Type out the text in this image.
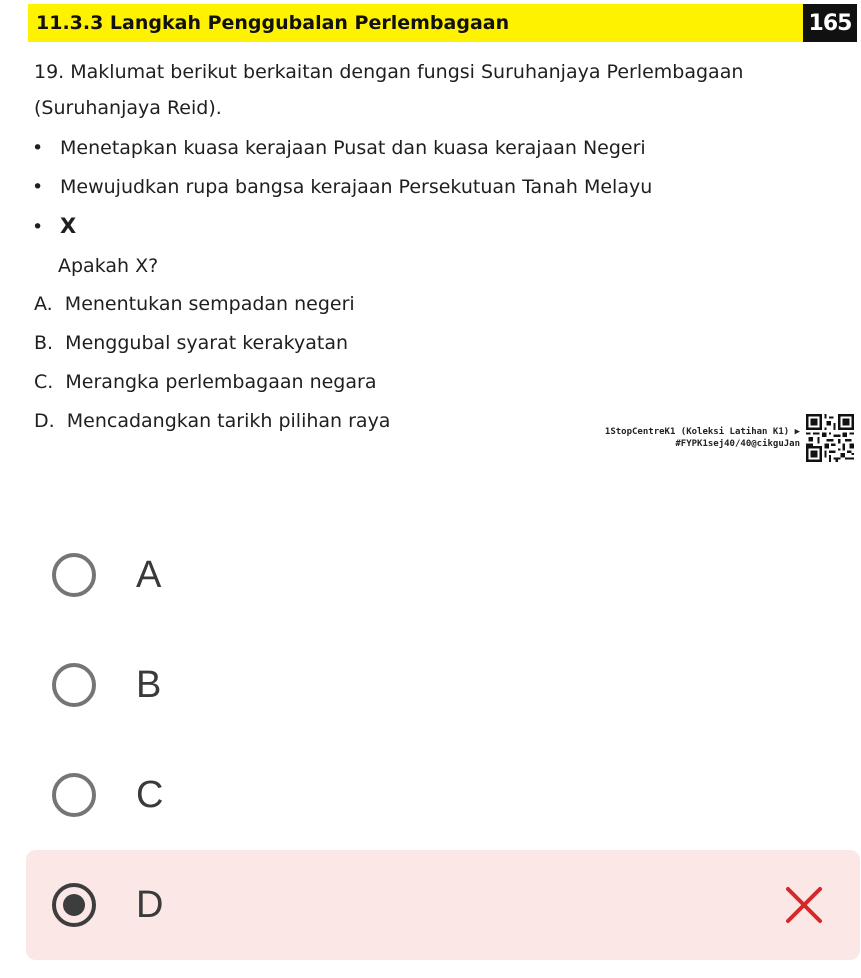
11.3.3 Langkah Penggubalan Perlembagaan	165
19. Maklumat berikut berkaitan dengan fungsi Suruhanjaya Perlembagaan
(Suruhanjaya Reid).
• Menetapkan kuasa kerajaan Pusat dan kuasa kerajaan Negeri
• Mewujudkan rupa bangsa kerajaan Persekutuan Tanah Melayu
• X
Apakah X?
A. Menentukan sempadan negeri
B. Menggubal syarat kerakyatan
C. Merangka perlembagaan negara
D. Mencadangkan tarikh pilihan raya	1StopCentreK1 (Koleksi Latihan K1) ▶
#FYPK1sej40/40@cikguJan
A
B
C
D
